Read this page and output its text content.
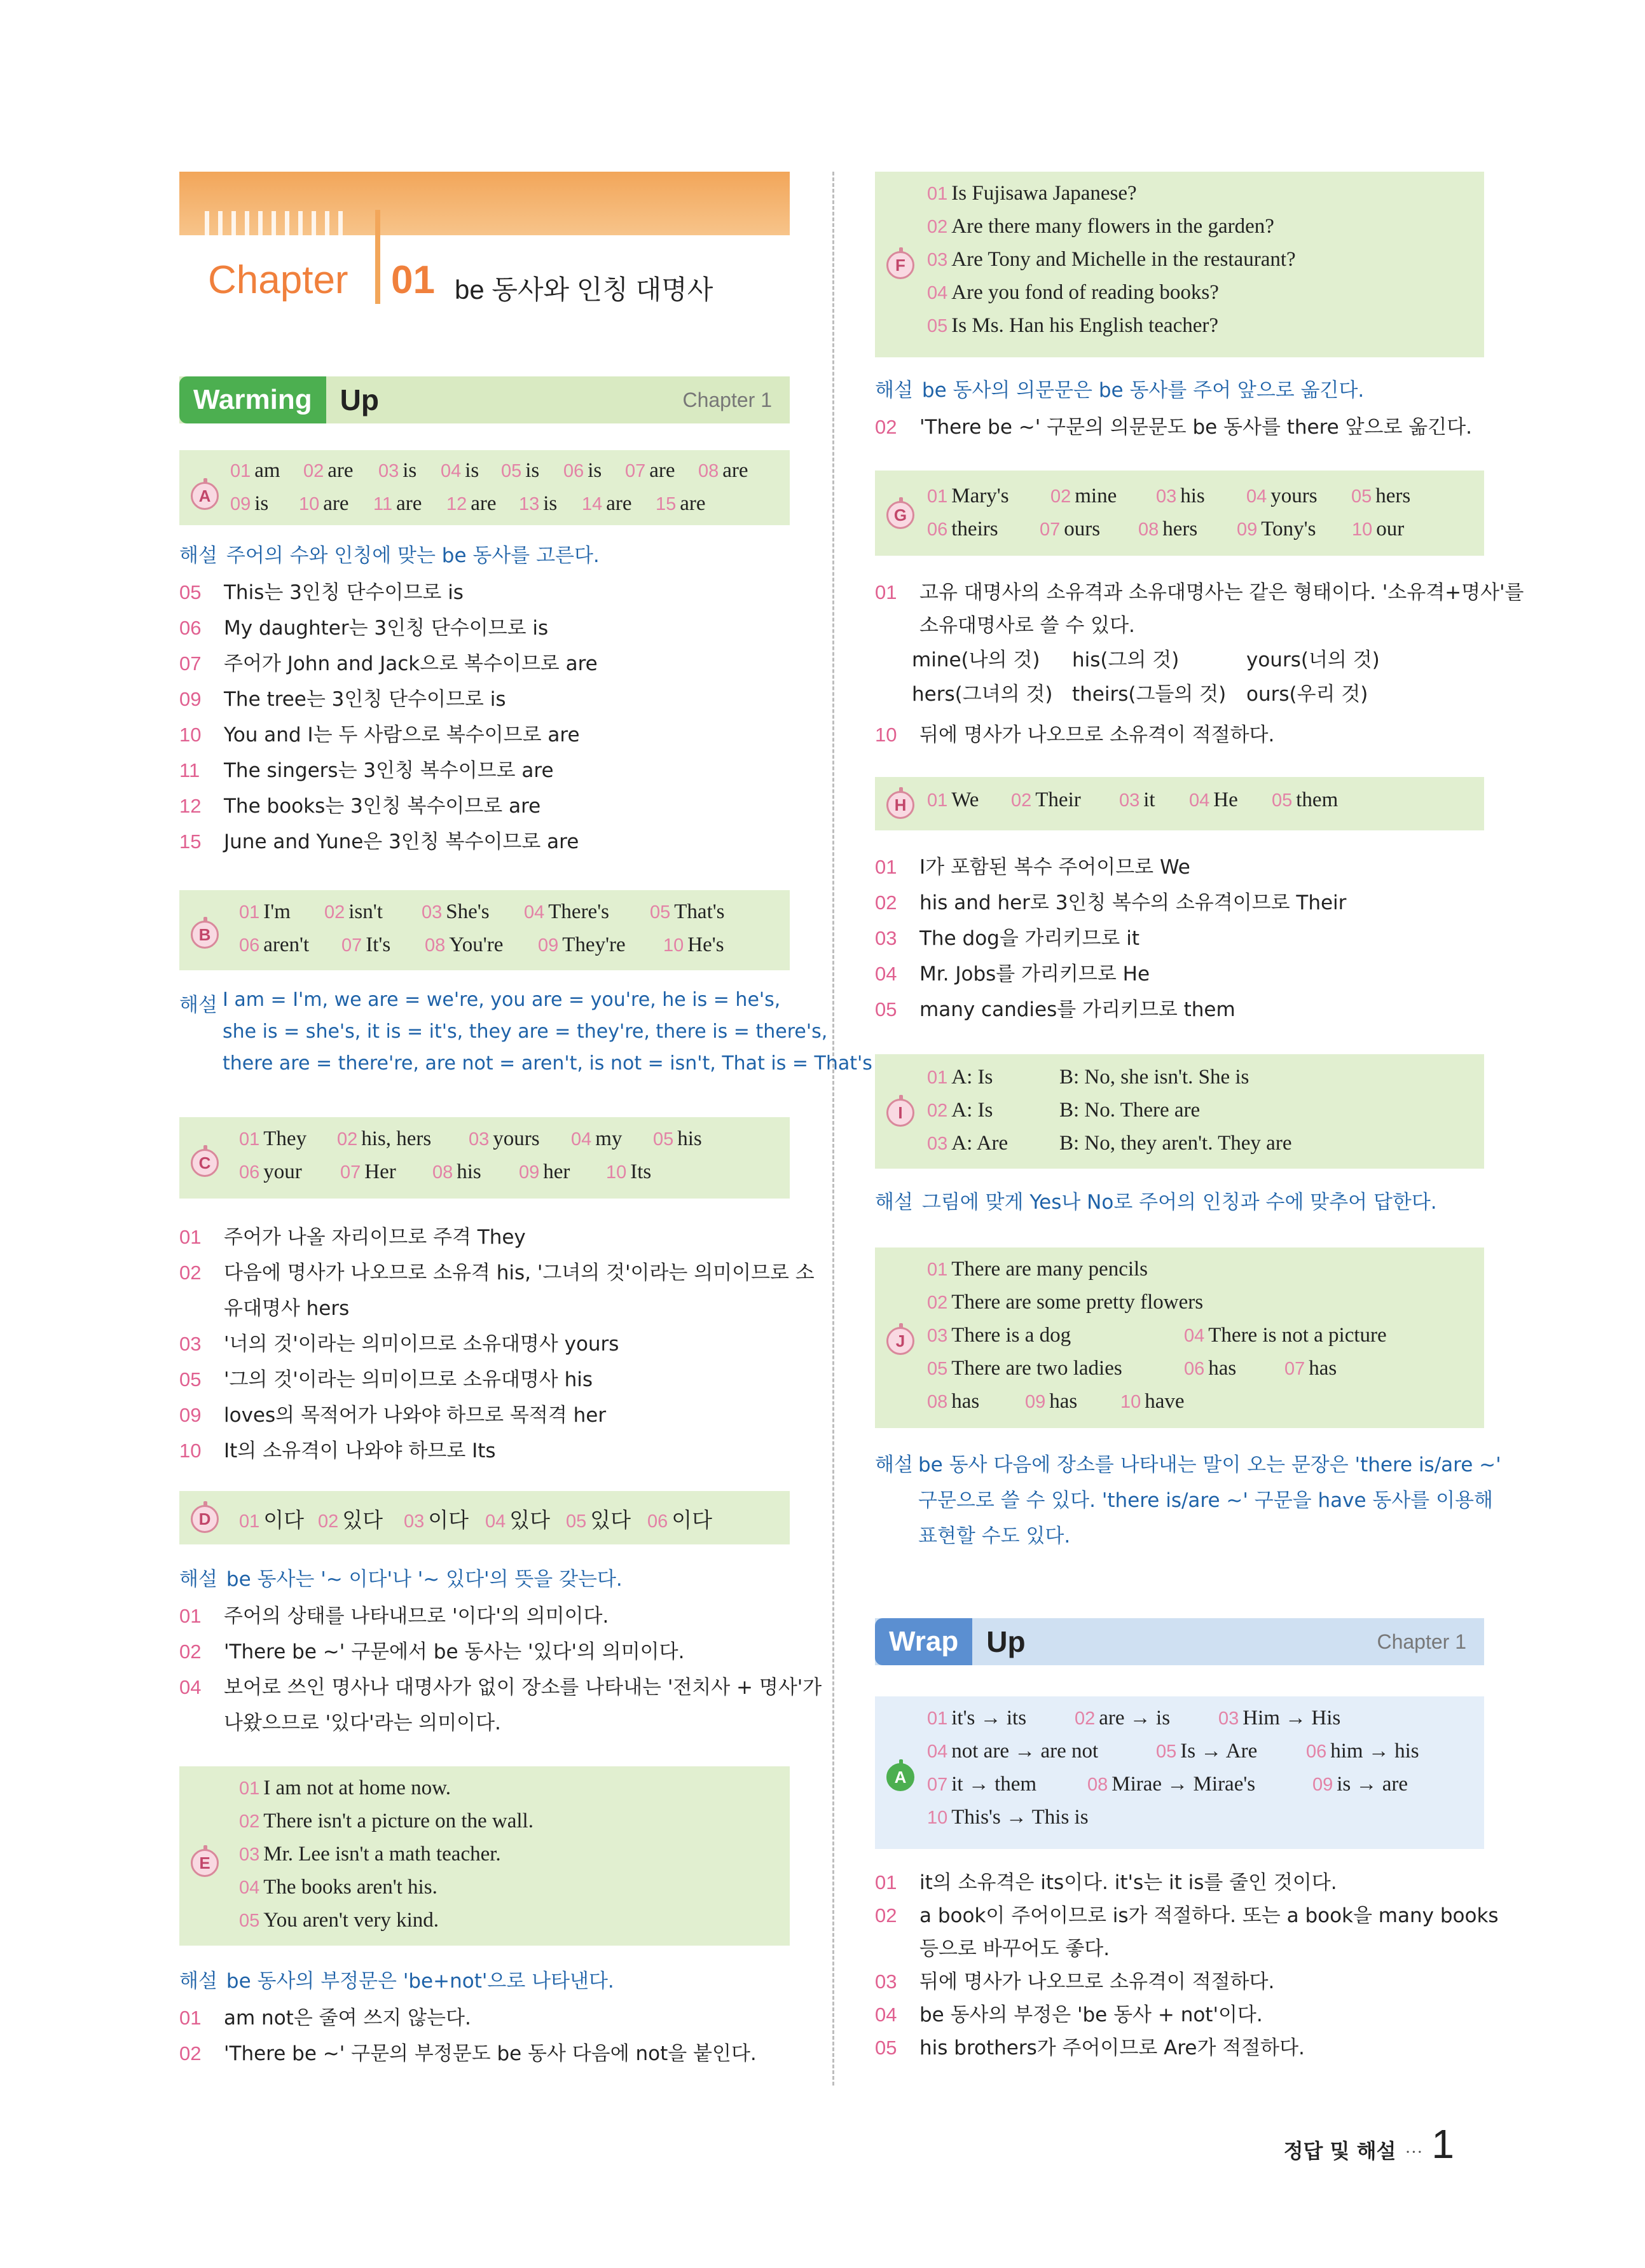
Chapter 01 be 동사와 인칭 대명사
Warming Up	Chapter 1
A
01 am 02 are 03 is 04 is 05 is 06 is 07 are 08 are
09 is 10 are 11 are 12 are 13 is 14 are 15 are
해설 주어의 수와 인칭에 맞는 be 동사를 고른다.
05 This는 3인칭 단수이므로 is
06 My daughter는 3인칭 단수이므로 is
07 주어가 John and Jack으로 복수이므로 are
09 The tree는 3인칭 단수이므로 is
10 You and I는 두 사람으로 복수이므로 are
11 The singers는 3인칭 복수이므로 are
12 The books는 3인칭 복수이므로 are
15 June and Yune은 3인칭 복수이므로 are
B
01 I'm 02 isn't 03 She's 04 There's 05 That's
06 aren't 07 It's 08 You're 09 They're 10 He's
해설 I am = I'm, we are = we're, you are = you're, he is = he's,
she is = she's, it is = it's, they are = they're, there is = there's,
there are = there're, are not = aren't, is not = isn't, That is = That's
C
01 They 02 his, hers 03 yours 04 my 05 his
06 your 07 Her 08 his 09 her 10 Its
01 주어가 나올 자리이므로 주격 They
02 다음에 명사가 나오므로 소유격 his, '그녀의 것'이라는 의미이므로 소
유대명사 hers
03 '너의 것'이라는 의미이므로 소유대명사 yours
05 '그의 것'이라는 의미이므로 소유대명사 his
09 loves의 목적어가 나와야 하므로 목적격 her
10 It의 소유격이 나와야 하므로 Its
D	01 이다 02 있다 03 이다 04 있다 05 있다 06 이다
해설 be 동사는 '~ 이다'나 '~ 있다'의 뜻을 갖는다.
01 주어의 상태를 나타내므로 '이다'의 의미이다.
02 'There be ~' 구문에서 be 동사는 '있다'의 의미이다.
04 보어로 쓰인 명사나 대명사가 없이 장소를 나타내는 '전치사 + 명사'가
나왔으므로 '있다'라는 의미이다.
E
01 I am not at home now.
02 There isn't a picture on the wall.
03 Mr. Lee isn't a math teacher.
04 The books aren't his.
05 You aren't very kind.
해설 be 동사의 부정문은 'be+not'으로 나타낸다.
01 am not은 줄여 쓰지 않는다.
02 'There be ~' 구문의 부정문도 be 동사 다음에 not을 붙인다.
F
01 Is Fujisawa Japanese?
02 Are there many flowers in the garden?
03 Are Tony and Michelle in the restaurant?
04 Are you fond of reading books?
05 Is Ms. Han his English teacher?
해설 be 동사의 의문문은 be 동사를 주어 앞으로 옮긴다.
02 'There be ~' 구문의 의문문도 be 동사를 there 앞으로 옮긴다.
G
01 Mary's 02 mine 03 his 04 yours 05 hers
06 theirs 07 ours 08 hers 09 Tony's 10 our
01 고유 대명사의 소유격과 소유대명사는 같은 형태이다. '소유격+명사'를
소유대명사로 쓸 수 있다.
mine(나의 것) his(그의 것)	yours(너의 것)
hers(그녀의 것) theirs(그들의 것) ours(우리 것)
10 뒤에 명사가 나오므로 소유격이 적절하다.
H	01 We 02 Their 03 it 04 He 05 them
01 I가 포함된 복수 주어이므로 We
02 his and her로 3인칭 복수의 소유격이므로 Their
03 The dog을 가리키므로 it
04 Mr. Jobs를 가리키므로 He
05 many candies를 가리키므로 them
I
01 A: Is	B: No, she isn't. She is
02 A: Is	B: No. There are
03 A: Are B: No, they aren't. They are
해설 그림에 맞게 Yes나 No로 주어의 인칭과 수에 맞추어 답한다.
J
01 There are many pencils
02 There are some pretty flowers
03 There is a dog	04 There is not a picture
05 There are two ladies	06 has	07 has
08 has 09 has 10 have
해설 be 동사 다음에 장소를 나타내는 말이 오는 문장은 'there is/are ~'
구문으로 쓸 수 있다. 'there is/are ~' 구문을 have 동사를 이용해
표현할 수도 있다.
A
01 it's → its	02 are → is	03 Him → His
04 not are → are not	05 Is → Are	06 him → his
07 it → them	08 Mirae → Mirae's	09 is → are
10 This's → This is
01 it의 소유격은 its이다. it's는 it is를 줄인 것이다.
02 a book이 주어이므로 is가 적절하다. 또는 a book을 many books
등으로 바꾸어도 좋다.
03 뒤에 명사가 나오므로 소유격이 적절하다.
04 be 동사의 부정은 'be 동사 + not'이다.
05 his brothers가 주어이므로 Are가 적절하다.
Wrap Up	Chapter 1
정답 및 해설 ··· 1
